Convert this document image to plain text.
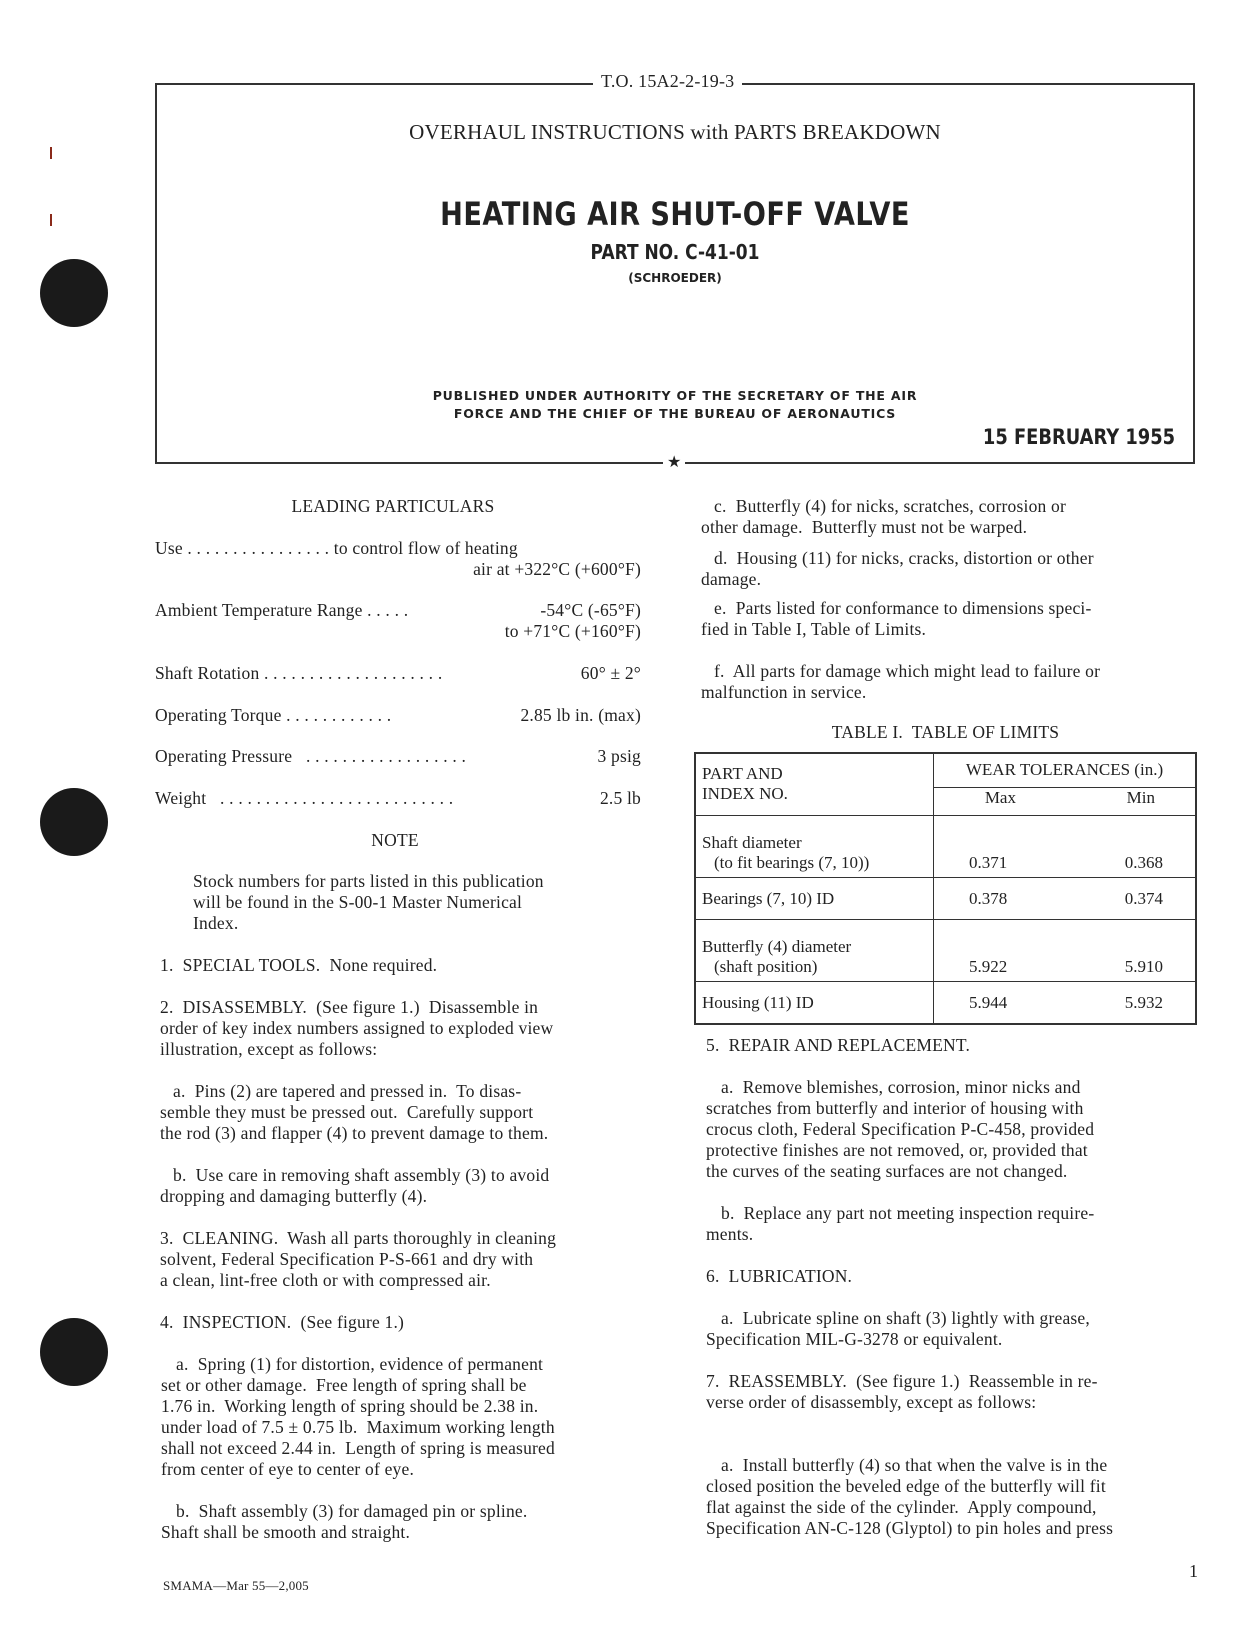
T.O. 15A2-2-19-3
OVERHAUL INSTRUCTIONS with PARTS BREAKDOWN
HEATING AIR SHUT-OFF VALVE
PART NO. C-41-01
(SCHROEDER)
PUBLISHED UNDER AUTHORITY OF THE SECRETARY OF THE AIR
FORCE AND THE CHIEF OF THE BUREAU OF AERONAUTICS
15 FEBRUARY 1955
★
LEADING PARTICULARS
Use . . . . . . . . . . . . . . . . to control flow of heating
air at +322°C (+600°F)
Ambient Temperature Range . . . . .	-54°C (-65°F)
to +71°C (+160°F)
Shaft Rotation . . . . . . . . . . . . . . . . . . . .	60° ± 2°
Operating Torque . . . . . . . . . . . .	2.85 lb in. (max)
Operating Pressure   . . . . . . . . . . . . . . . . . .	3 psig
Weight   . . . . . . . . . . . . . . . . . . . . . . . . . .	2.5 lb
NOTE
Stock numbers for parts listed in this publication
will be found in the S-00-1 Master Numerical
Index.
1.  SPECIAL TOOLS.  None required.
2.  DISASSEMBLY.  (See figure 1.)  Disassemble in
order of key index numbers assigned to exploded view
illustration, except as follows:
a.  Pins (2) are tapered and pressed in.  To disas-
semble they must be pressed out.  Carefully support
the rod (3) and flapper (4) to prevent damage to them.
b.  Use care in removing shaft assembly (3) to avoid
dropping and damaging butterfly (4).
3.  CLEANING.  Wash all parts thoroughly in cleaning
solvent, Federal Specification P-S-661 and dry with
a clean, lint-free cloth or with compressed air.
4.  INSPECTION.  (See figure 1.)
a.  Spring (1) for distortion, evidence of permanent
set or other damage.  Free length of spring shall be
1.76 in.  Working length of spring should be 2.38 in.
under load of 7.5 ± 0.75 lb.  Maximum working length
shall not exceed 2.44 in.  Length of spring is measured
from center of eye to center of eye.
b.  Shaft assembly (3) for damaged pin or spline.
Shaft shall be smooth and straight.
c.  Butterfly (4) for nicks, scratches, corrosion or
other damage.  Butterfly must not be warped.
d.  Housing (11) for nicks, cracks, distortion or other
damage.
e.  Parts listed for conformance to dimensions speci-
fied in Table I, Table of Limits.
f.  All parts for damage which might lead to failure or
malfunction in service.
TABLE I.  TABLE OF LIMITS
PART AND
INDEX NO.	WEAR TOLERANCES (in.)	
	Max	Min

Shaft diameter
(to fit bearings (7, 10))	0.371	0.368

Bearings (7, 10) ID	0.378	0.374

Butterfly (4) diameter
(shaft position)	5.922	5.910

Housing (11) ID	5.944	5.932
5.  REPAIR AND REPLACEMENT.
a.  Remove blemishes, corrosion, minor nicks and
scratches from butterfly and interior of housing with
crocus cloth, Federal Specification P-C-458, provided
protective finishes are not removed, or, provided that
the curves of the seating surfaces are not changed.
b.  Replace any part not meeting inspection require-
ments.
6.  LUBRICATION.
a.  Lubricate spline on shaft (3) lightly with grease,
Specification MIL-G-3278 or equivalent.
7.  REASSEMBLY.  (See figure 1.)  Reassemble in re-
verse order of disassembly, except as follows:
a.  Install butterfly (4) so that when the valve is in the
closed position the beveled edge of the butterfly will fit
flat against the side of the cylinder.  Apply compound,
Specification AN-C-128 (Glyptol) to pin holes and press
SMAMA—Mar 55—2,005
1
